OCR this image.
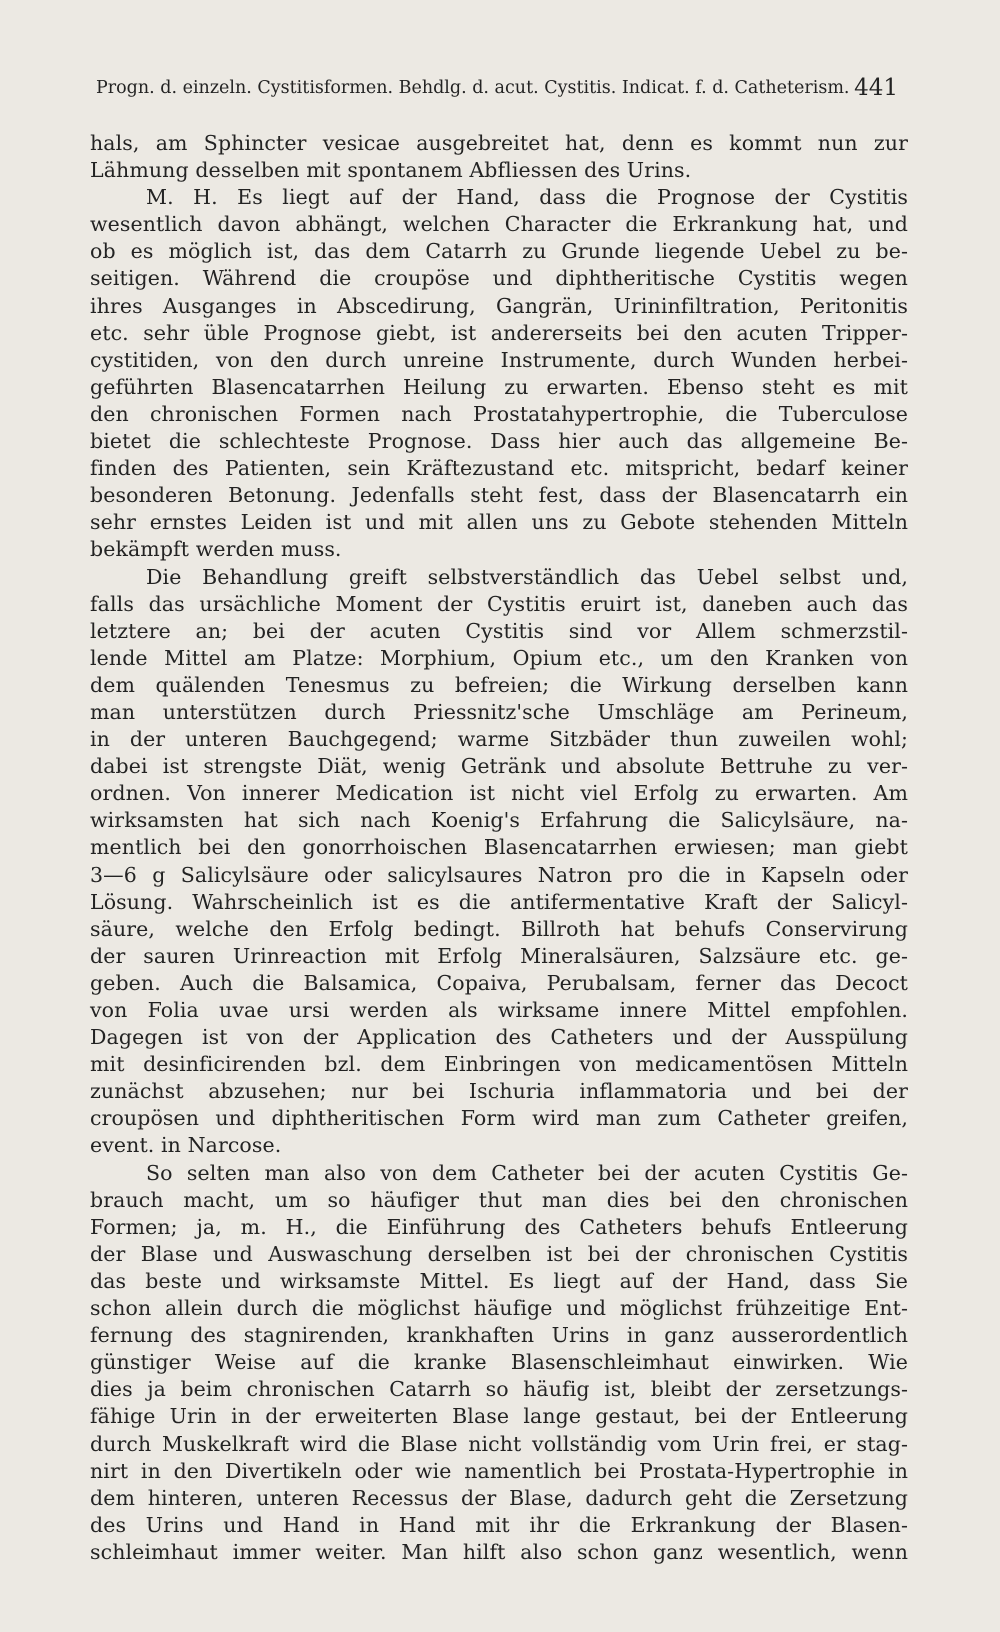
Progn. d. einzeln. Cystitisformen. Behdlg. d. acut. Cystitis. Indicat. f. d. Catheterism. 441
hals, am Sphincter vesicae ausgebreitet hat, denn es kommt nun zur
Lähmung desselben mit spontanem Abfliessen des Urins.
M. H. Es liegt auf der Hand, dass die Prognose der Cystitis
wesentlich davon abhängt, welchen Character die Erkrankung hat, und
ob es möglich ist, das dem Catarrh zu Grunde liegende Uebel zu be-
seitigen. Während die croupöse und diphtheritische Cystitis wegen
ihres Ausganges in Abscedirung, Gangrän, Urininfiltration, Peritonitis
etc. sehr üble Prognose giebt, ist andererseits bei den acuten Tripper-
cystitiden, von den durch unreine Instrumente, durch Wunden herbei-
geführten Blasencatarrhen Heilung zu erwarten. Ebenso steht es mit
den chronischen Formen nach Prostatahypertrophie, die Tuberculose
bietet die schlechteste Prognose. Dass hier auch das allgemeine Be-
finden des Patienten, sein Kräftezustand etc. mitspricht, bedarf keiner
besonderen Betonung. Jedenfalls steht fest, dass der Blasencatarrh ein
sehr ernstes Leiden ist und mit allen uns zu Gebote stehenden Mitteln
bekämpft werden muss.
Die Behandlung greift selbstverständlich das Uebel selbst und,
falls das ursächliche Moment der Cystitis eruirt ist, daneben auch das
letztere an; bei der acuten Cystitis sind vor Allem schmerzstil-
lende Mittel am Platze: Morphium, Opium etc., um den Kranken von
dem quälenden Tenesmus zu befreien; die Wirkung derselben kann
man unterstützen durch Priessnitz'sche Umschläge am Perineum,
in der unteren Bauchgegend; warme Sitzbäder thun zuweilen wohl;
dabei ist strengste Diät, wenig Getränk und absolute Bettruhe zu ver-
ordnen. Von innerer Medication ist nicht viel Erfolg zu erwarten. Am
wirksamsten hat sich nach Koenig's Erfahrung die Salicylsäure, na-
mentlich bei den gonorrhoischen Blasencatarrhen erwiesen; man giebt
3—6 g Salicylsäure oder salicylsaures Natron pro die in Kapseln oder
Lösung. Wahrscheinlich ist es die antifermentative Kraft der Salicyl-
säure, welche den Erfolg bedingt. Billroth hat behufs Conservirung
der sauren Urinreaction mit Erfolg Mineralsäuren, Salzsäure etc. ge-
geben. Auch die Balsamica, Copaiva, Perubalsam, ferner das Decoct
von Folia uvae ursi werden als wirksame innere Mittel empfohlen.
Dagegen ist von der Application des Catheters und der Ausspülung
mit desinficirenden bzl. dem Einbringen von medicamentösen Mitteln
zunächst abzusehen; nur bei Ischuria inflammatoria und bei der
croupösen und diphtheritischen Form wird man zum Catheter greifen,
event. in Narcose.
So selten man also von dem Catheter bei der acuten Cystitis Ge-
brauch macht, um so häufiger thut man dies bei den chronischen
Formen; ja, m. H., die Einführung des Catheters behufs Entleerung
der Blase und Auswaschung derselben ist bei der chronischen Cystitis
das beste und wirksamste Mittel. Es liegt auf der Hand, dass Sie
schon allein durch die möglichst häufige und möglichst frühzeitige Ent-
fernung des stagnirenden, krankhaften Urins in ganz ausserordentlich
günstiger Weise auf die kranke Blasenschleimhaut einwirken. Wie
dies ja beim chronischen Catarrh so häufig ist, bleibt der zersetzungs-
fähige Urin in der erweiterten Blase lange gestaut, bei der Entleerung
durch Muskelkraft wird die Blase nicht vollständig vom Urin frei, er stag-
nirt in den Divertikeln oder wie namentlich bei Prostata-Hypertrophie in
dem hinteren, unteren Recessus der Blase, dadurch geht die Zersetzung
des Urins und Hand in Hand mit ihr die Erkrankung der Blasen-
schleimhaut immer weiter. Man hilft also schon ganz wesentlich, wenn
